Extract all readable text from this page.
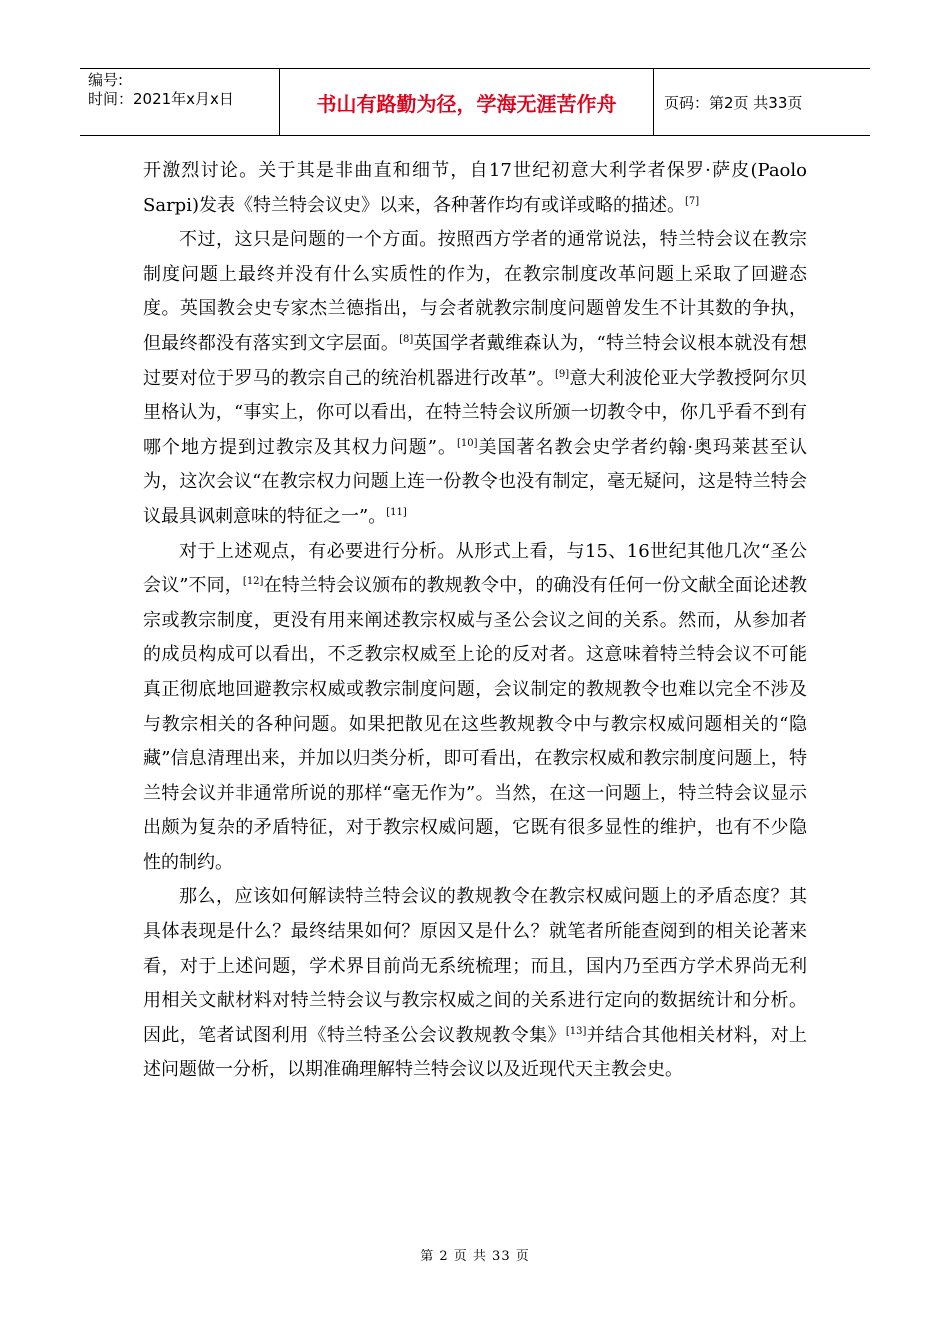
编号:
时间：2021年x月x日	书山有路勤为径，学海无涯苦作舟	页码：第2页 共33页

开激烈讨论。关于其是非曲直和细节，自17世纪初意大利学者保罗·萨皮(Paolo Sarpi)发表《特兰特会议史》以来，各种著作均有或详或略的描述。[7]

不过，这只是问题的一个方面。按照西方学者的通常说法，特兰特会议在教宗制度问题上最终并没有什么实质性的作为，在教宗制度改革问题上采取了回避态度。英国教会史专家杰兰德指出，与会者就教宗制度问题曾发生不计其数的争执，但最终都没有落实到文字层面。[8]英国学者戴维森认为，“特兰特会议根本就没有想过要对位于罗马的教宗自己的统治机器进行改革”。[9]意大利波伦亚大学教授阿尔贝里格认为，“事实上，你可以看出，在特兰特会议所颁一切教令中，你几乎看不到有哪个地方提到过教宗及其权力问题”。[10]美国著名教会史学者约翰·奥玛莱甚至认为，这次会议“在教宗权力问题上连一份教令也没有制定，毫无疑问，这是特兰特会议最具讽刺意味的特征之一”。[11]

对于上述观点，有必要进行分析。从形式上看，与15、16世纪其他几次“圣公会议”不同，[12]在特兰特会议颁布的教规教令中，的确没有任何一份文献全面论述教宗或教宗制度，更没有用来阐述教宗权威与圣公会议之间的关系。然而，从参加者的成员构成可以看出，不乏教宗权威至上论的反对者。这意味着特兰特会议不可能真正彻底地回避教宗权威或教宗制度问题，会议制定的教规教令也难以完全不涉及与教宗相关的各种问题。如果把散见在这些教规教令中与教宗权威问题相关的“隐藏”信息清理出来，并加以归类分析，即可看出，在教宗权威和教宗制度问题上，特兰特会议并非通常所说的那样“毫无作为”。当然，在这一问题上，特兰特会议显示出颇为复杂的矛盾特征，对于教宗权威问题，它既有很多显性的维护，也有不少隐性的制约。

那么，应该如何解读特兰特会议的教规教令在教宗权威问题上的矛盾态度？其具体表现是什么？最终结果如何？原因又是什么？就笔者所能查阅到的相关论著来看，对于上述问题，学术界目前尚无系统梳理；而且，国内乃至西方学术界尚无利用相关文献材料对特兰特会议与教宗权威之间的关系进行定向的数据统计和分析。因此，笔者试图利用《特兰特圣公会议教规教令集》[13]并结合其他相关材料，对上述问题做一分析，以期准确理解特兰特会议以及近现代天主教会史。

第 2 页 共 33 页
